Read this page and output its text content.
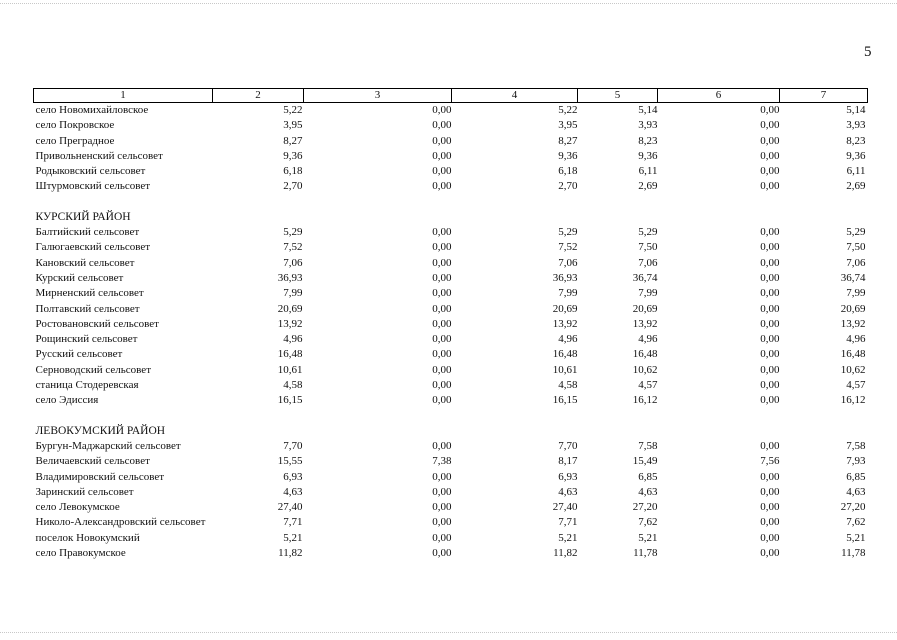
5
1	2	3	4	5	6	7
село Новомихайловское	5,22	0,00	5,22	5,14	0,00	5,14
село Покровское	3,95	0,00	3,95	3,93	0,00	3,93
село Преградное	8,27	0,00	8,27	8,23	0,00	8,23
Привольненский сельсовет	9,36	0,00	9,36	9,36	0,00	9,36
Родыковский сельсовет	6,18	0,00	6,18	6,11	0,00	6,11
Штурмовский сельсовет	2,70	0,00	2,70	2,69	0,00	2,69

КУРСКИЙ РАЙОН						
Балтийский сельсовет	5,29	0,00	5,29	5,29	0,00	5,29
Галюгаевский сельсовет	7,52	0,00	7,52	7,50	0,00	7,50
Кановский сельсовет	7,06	0,00	7,06	7,06	0,00	7,06
Курский сельсовет	36,93	0,00	36,93	36,74	0,00	36,74
Мирненский сельсовет	7,99	0,00	7,99	7,99	0,00	7,99
Полтавский сельсовет	20,69	0,00	20,69	20,69	0,00	20,69
Ростовановский сельсовет	13,92	0,00	13,92	13,92	0,00	13,92
Рощинский сельсовет	4,96	0,00	4,96	4,96	0,00	4,96
Русский сельсовет	16,48	0,00	16,48	16,48	0,00	16,48
Серноводский сельсовет	10,61	0,00	10,61	10,62	0,00	10,62
станица Стодеревская	4,58	0,00	4,58	4,57	0,00	4,57
село Эдиссия	16,15	0,00	16,15	16,12	0,00	16,12

ЛЕВОКУМСКИЙ РАЙОН						
Бургун-Маджарский сельсовет	7,70	0,00	7,70	7,58	0,00	7,58
Величаевский сельсовет	15,55	7,38	8,17	15,49	7,56	7,93
Владимировский сельсовет	6,93	0,00	6,93	6,85	0,00	6,85
Заринский сельсовет	4,63	0,00	4,63	4,63	0,00	4,63
село Левокумское	27,40	0,00	27,40	27,20	0,00	27,20
Николо-Александровский сельсовет	7,71	0,00	7,71	7,62	0,00	7,62
поселок Новокумский	5,21	0,00	5,21	5,21	0,00	5,21
село Правокумское	11,82	0,00	11,82	11,78	0,00	11,78
